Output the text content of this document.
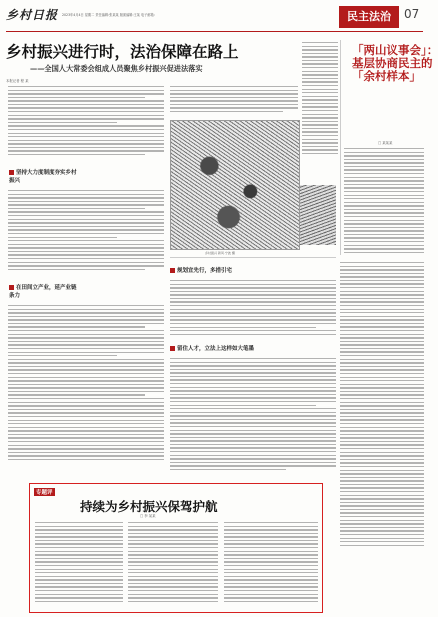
乡村日报 2023年4月4日 星期二 责任编辑:张某某 版面编辑:王某 电子邮箱:	民主法治	07
乡村振兴进行时，法治保障在路上
——全国人大常委会组成人员聚焦乡村振兴促进法落实
本报记者 程 某
坚持大力度制度夯实乡村振兴
在田间立产业，延产业链条力
乡村振兴 新风·宁波 摄
「两山议事会」：
基层协商民主的
「余村样本」
□ 某某某
规划宜先行，多措引宅
留住人才，立法上这样如大笔墨
专题评
持续为乡村振兴保驾护航
□ 李 某某
